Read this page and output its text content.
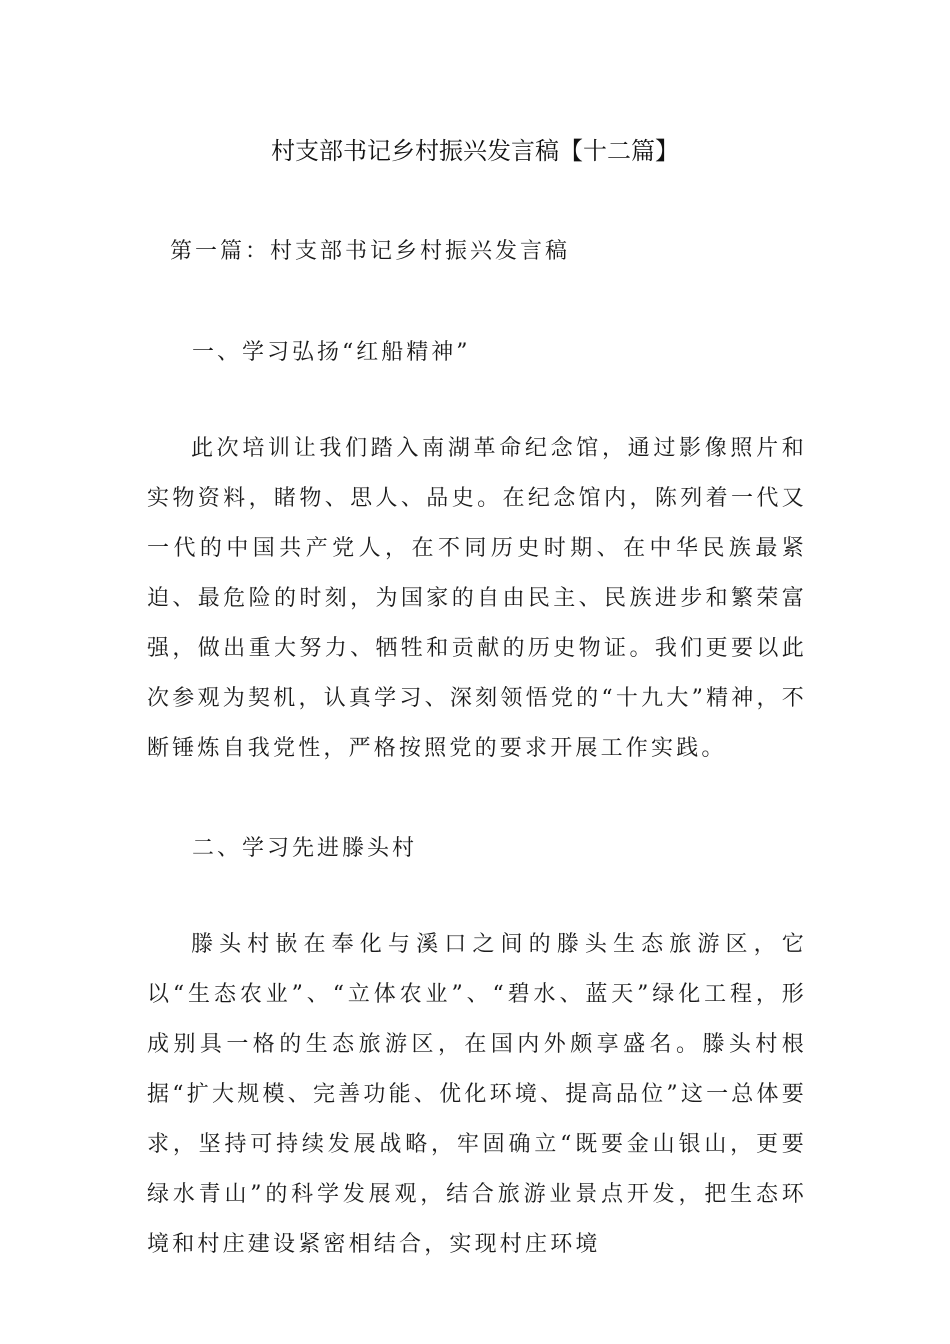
村支部书记乡村振兴发言稿【十二篇】

第一篇：村支部书记乡村振兴发言稿

一、学习弘扬“红船精神”

此次培训让我们踏入南湖革命纪念馆，通过影像照片和实物资料，睹物、思人、品史。在纪念馆内，陈列着一代又一代的中国共产党人，在不同历史时期、在中华民族最紧迫、最危险的时刻，为国家的自由民主、民族进步和繁荣富强，做出重大努力、牺牲和贡献的历史物证。我们更要以此次参观为契机，认真学习、深刻领悟党的“十九大”精神，不断锤炼自我党性，严格按照党的要求开展工作实践。

二、学习先进滕头村

滕头村嵌在奉化与溪口之间的滕头生态旅游区，它以“生态农业”、“立体农业”、“碧水、蓝天”绿化工程，形成别具一格的生态旅游区，在国内外颇享盛名。滕头村根据“扩大规模、完善功能、优化环境、提高品位”这一总体要求，坚持可持续发展战略，牢固确立“既要金山银山，更要绿水青山”的科学发展观，结合旅游业景点开发，把生态环境和村庄建设紧密相结合，实现村庄环境
